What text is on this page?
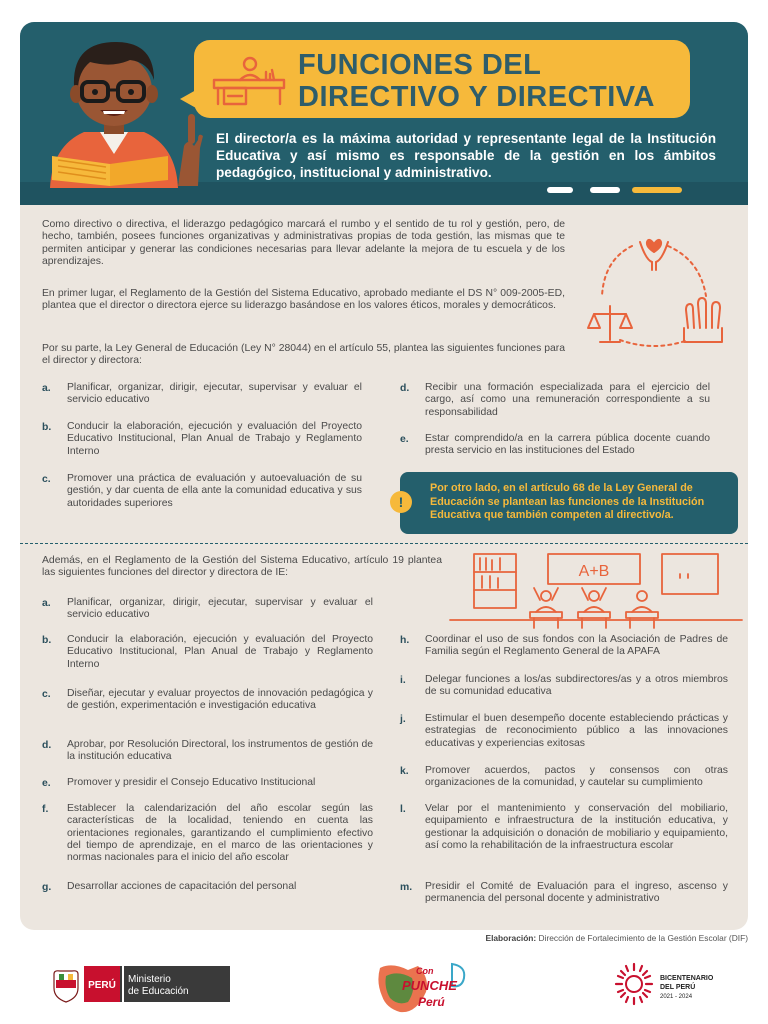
FUNCIONES DEL
DIRECTIVO Y DIRECTIVA
El director/a es la máxima autoridad y representante legal de la Institución Educativa y así mismo es responsable de la gestión en los ámbitos pedagógico, institucional y administrativo.
Como directivo o directiva, el liderazgo pedagógico marcará el rumbo y el sentido de tu rol y gestión, pero, de hecho, también, posees funciones organizativas y administrativas propias de toda gestión, las mismas que te permiten anticipar y generar las condiciones necesarias para llevar adelante la mejora de tu escuela y de los aprendizajes.
En primer lugar, el Reglamento de la Gestión del Sistema Educativo, aprobado mediante el DS N° 009-2005-ED, plantea que el director o directora ejerce su liderazgo basándose en los valores éticos, morales y democráticos.
Por su parte, la Ley General de Educación (Ley N° 28044) en el artículo 55, plantea las siguientes funciones para el director y directora:
a. Planificar, organizar, dirigir, ejecutar, supervisar y evaluar el servicio educativo
b. Conducir la elaboración, ejecución y evaluación del Proyecto Educativo Institucional, Plan Anual de Trabajo y Reglamento Interno
c. Promover una práctica de evaluación y autoevaluación de su gestión, y dar cuenta de ella ante la comunidad educativa y sus autoridades superiores
d. Recibir una formación especializada para el ejercicio del cargo, así como una remuneración correspondiente a su responsabilidad
e. Estar comprendido/a en la carrera pública docente cuando presta servicio en las instituciones del Estado
!
Por otro lado, en el artículo 68 de la Ley General de Educación se plantean las funciones de la Institución Educativa que también competen al directivo/a.
Además, en el Reglamento de la Gestión del Sistema Educativo, artículo 19 plantea las siguientes funciones del director y directora de IE:	A+B
a. Planificar, organizar, dirigir, ejecutar, supervisar y evaluar el servicio educativo
b. Conducir la elaboración, ejecución y evaluación del Proyecto Educativo Institucional, Plan Anual de Trabajo y Reglamento Interno
c. Diseñar, ejecutar y evaluar proyectos de innovación pedagógica y de gestión, experimentación e investigación educativa
d. Aprobar, por Resolución Directoral, los instrumentos de gestión de la institución educativa
e. Promover y presidir el Consejo Educativo Institucional
f. Establecer la calendarización del año escolar según las características de la localidad, teniendo en cuenta las orientaciones regionales, garantizando el cumplimiento efectivo del tiempo de aprendizaje, en el marco de las orientaciones y normas nacionales para el inicio del año escolar
g. Desarrollar acciones de capacitación del personal
h. Coordinar el uso de sus fondos con la Asociación de Padres de Familia según el Reglamento General de la APAFA
i. Delegar funciones a los/as subdirectores/as y a otros miembros de su comunidad educativa
j. Estimular el buen desempeño docente estableciendo prácticas y estrategias de reconocimiento público a las innovaciones educativas y experiencias exitosas
k. Promover acuerdos, pactos y consensos con otras organizaciones de la comunidad, y cautelar su cumplimiento
l. Velar por el mantenimiento y conservación del mobiliario, equipamiento e infraestructura de la institución educativa, y gestionar la adquisición o donación de mobiliario y equipamiento, así como la rehabilitación de la infraestructura escolar
m. Presidir el Comité de Evaluación para el ingreso, ascenso y permanencia del personal docente y administrativo
Elaboración: Dirección de Fortalecimiento de la Gestión Escolar (DIF)
PERÚ
Ministerio
de Educación
Con
PUNCHE
Perú
BICENTENARIO
DEL PERÚ
2021 - 2024
